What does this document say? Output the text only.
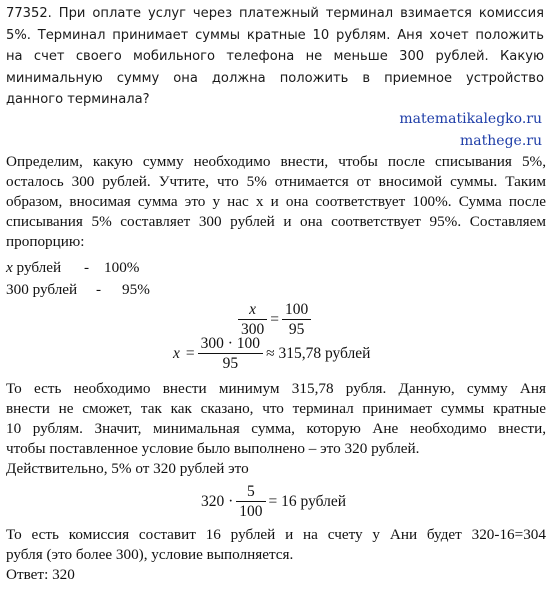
77352. При оплате услуг через платежный терминал взимается комиссия
5%. Терминал принимает суммы кратные 10 рублям. Аня хочет положить
на счет своего мобильного телефона не меньше 300 рублей. Какую
минимальную сумму она должна положить в приемное устройство
данного терминала?
matematikalegko.ru
mathege.ru
Определим, какую сумму необходимо внести, чтобы после списывания 5%,
осталось 300 рублей. Учтите, что 5% отнимается от вносимой суммы. Таким
образом, вносимая сумма это у нас х и она соответствует 100%. Сумма после
списывания 5% составляет 300 рублей и она соответствует 95%. Составляем
пропорцию:
x рублей - 100%
300 рублей - 95%
$\frac{x}{300} = \frac{100}{95}$
$x = \frac{300 \cdot 100}{95} \approx 315,78$ рублей
То есть необходимо внести минимум 315,78 рубля. Данную, сумму Аня
внести не сможет, так как сказано, что терминал принимает суммы кратные
10 рублям. Значит, минимальная сумма, которую Ане необходимо внести,
чтобы поставленное условие было выполнено – это 320 рублей.
Действительно, 5% от 320 рублей это
$320 \cdot \frac{5}{100} = 16$ рублей
То есть комиссия составит 16 рублей и на счету у Ани будет 320-16=304
рубля (это более 300), условие выполняется.
Ответ: 320
